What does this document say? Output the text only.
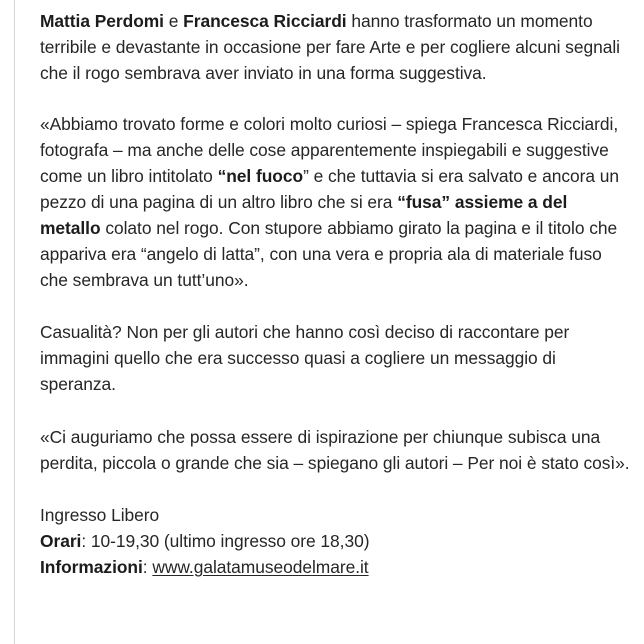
Mattia Perdomi e Francesca Ricciardi hanno trasformato un momento terribile e devastante in occasione per fare Arte e per cogliere alcuni segnali che il rogo sembrava aver inviato in una forma suggestiva.

«Abbiamo trovato forme e colori molto curiosi – spiega Francesca Ricciardi, fotografa – ma anche delle cose apparentemente inspiegabili e suggestive come un libro intitolato “nel fuoco” e che tuttavia si era salvato e ancora un pezzo di una pagina di un altro libro che si era “fusa” assieme a del metallo colato nel rogo. Con stupore abbiamo girato la pagina e il titolo che appariva era “angelo di latta”, con una vera e propria ala di materiale fuso che sembrava un tutt’uno».

Casualità? Non per gli autori che hanno così deciso di raccontare per immagini quello che era successo quasi a cogliere un messaggio di speranza.

«Ci auguriamo che possa essere di ispirazione per chiunque subisca una perdita, piccola o grande che sia – spiegano gli autori – Per noi è stato così».

Ingresso Libero

Orari: 10-19,30 (ultimo ingresso ore 18,30)

Informazioni: www.galatamuseodelmare.it
